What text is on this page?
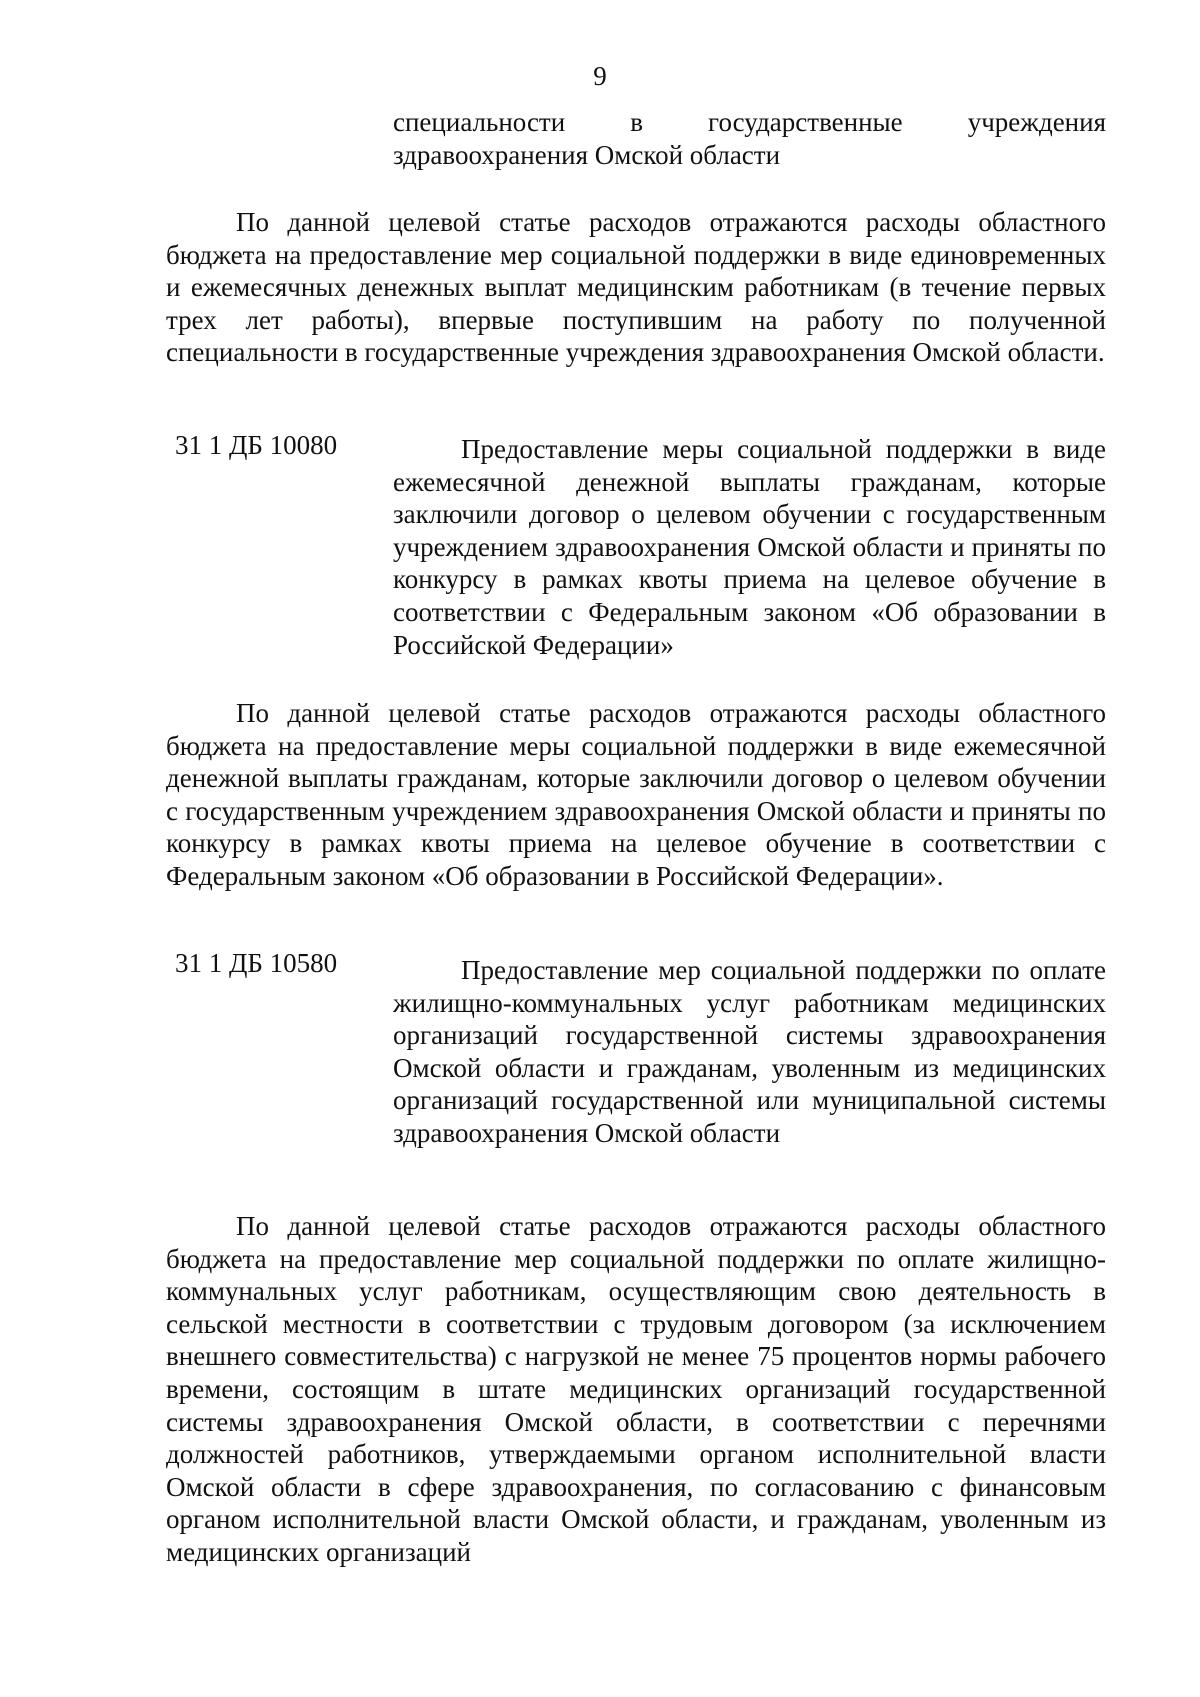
9

специальности в государственные учреждения здравоохранения Омской области

По данной целевой статье расходов отражаются расходы областного бюджета на предоставление мер социальной поддержки в виде единовременных и ежемесячных денежных выплат медицинским работникам (в течение первых трех лет работы), впервые поступившим на работу по полученной специальности в государственные учреждения здравоохранения Омской области.

31 1 ДБ 10080	Предоставление меры социальной поддержки в виде ежемесячной денежной выплаты гражданам, которые заключили договор о целевом обучении с государственным учреждением здравоохранения Омской области и приняты по конкурсу в рамках квоты приема на целевое обучение в соответствии с Федеральным законом «Об образовании в Российской Федерации»

По данной целевой статье расходов отражаются расходы областного бюджета на предоставление меры социальной поддержки в виде ежемесячной денежной выплаты гражданам, которые заключили договор о целевом обучении с государственным учреждением здравоохранения Омской области и приняты по конкурсу в рамках квоты приема на целевое обучение в соответствии с Федеральным законом «Об образовании в Российской Федерации».

31 1 ДБ 10580	Предоставление мер социальной поддержки по оплате жилищно-коммунальных услуг работникам медицинских организаций государственной системы здравоохранения Омской области и гражданам, уволенным из медицинских организаций государственной или муниципальной системы здравоохранения Омской области

По данной целевой статье расходов отражаются расходы областного бюджета на предоставление мер социальной поддержки по оплате жилищно-коммунальных услуг работникам, осуществляющим свою деятельность в сельской местности в соответствии с трудовым договором (за исключением внешнего совместительства) с нагрузкой не менее 75 процентов нормы рабочего времени, состоящим в штате медицинских организаций государственной системы здравоохранения Омской области, в соответствии с перечнями должностей работников, утверждаемыми органом исполнительной власти Омской области в сфере здравоохранения, по согласованию с финансовым органом исполнительной власти Омской области, и гражданам, уволенным из медицинских организаций
